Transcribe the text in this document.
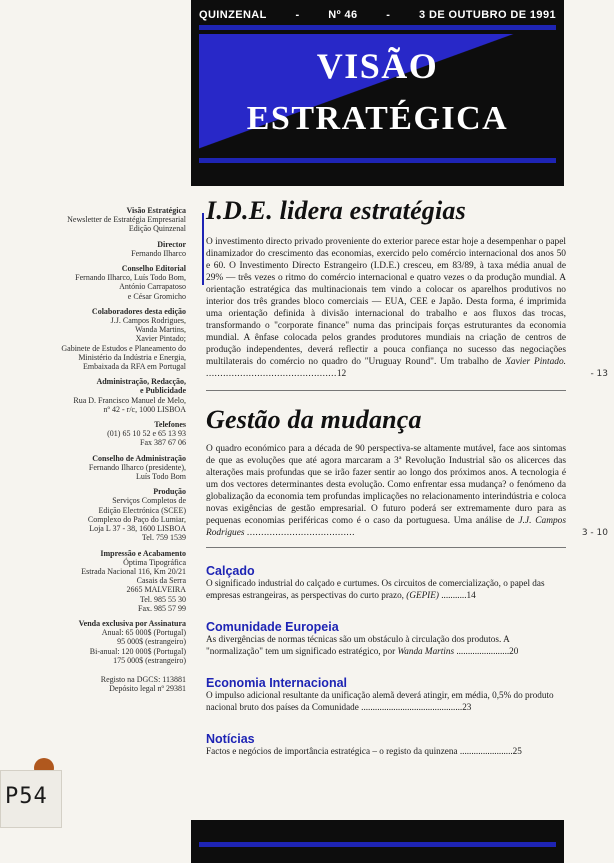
QUINZENAL	-	Nº 46	-	3 DE OUTUBRO DE 1991
VISÃO
ESTRATÉGICA
Visão Estratégica
Newsletter de Estratégia Empresarial
Edição Quinzenal
Director
Fernando Ilharco
Conselho Editorial
Fernando Ilharco, Luís Todo Bom,
António Carrapatoso
e César Gromicho
Colaboradores desta edição
J.J. Campos Rodrigues,
Wanda Martins,
Xavier Pintado;
Gabinete de Estudos e Planeamento do
Ministério da Indústria e Energia,
Embaixada da RFA em Portugal
Administração, Redacção,
e Publicidade
Rua D. Francisco Manuel de Melo,
nº 42 - r/c, 1000 LISBOA
Telefones
(01) 65 10 52 e 65 13 93
Fax 387 67 06
Conselho de Administração
Fernando Ilharco (presidente),
Luís Todo Bom
Produção
Serviços Completos de
Edição Electrónica (SCEE)
Complexo do Paço do Lumiar,
Loja L 37 - 38, 1600 LISBOA
Tel. 759 1539
Impressão e Acabamento
Óptima Tipográfica
Estrada Nacional 116, Km 20/21
Casais da Serra
2665 MALVEIRA
Tel. 985 55 30
Fax. 985 57 99
Venda exclusiva por Assinatura
Anual: 65 000$ (Portugal)
95 000$ (estrangeiro)
Bi-anual: 120 000$ (Portugal)
175 000$ (estrangeiro)
Registo na DGCS: 113881
Depósito legal nº 29381
I.D.E. lidera estratégias

O investimento directo privado proveniente do exterior parece estar hoje a desempenhar o papel dinamizador do crescimento das economias, exercido pelo comércio internacional dos anos 50 e 60. O Investimento Directo Estrangeiro (I.D.E.) cresceu, em 83/89, à taxa média anual de 29% — três vezes o ritmo do comércio internacional e quatro vezes o da produção mundial. A orientação estratégica das multinacionais tem vindo a colocar os aparelhos produtivos no interior dos três grandes bloco comerciais — EUA, CEE e Japão. Desta forma, é imprimida uma orientação definida à divisão internacional do trabalho e aos fluxos das trocas, transformando o "corporate finance" numa das principais forças estruturantes da economia mundial. A ênfase colocada pelos grandes produtores mundiais na criação de centros de produção independentes, deverá reflectir a pouca confiança no sucesso das negociações multilaterais do comércio no quadro do "Uruguay Round". Um trabalho de Xavier Pintado. ..............................................12	- 13

Gestão da mudança

O quadro económico para a década de 90 perspectiva-se altamente mutável, face aos sintomas de que as evoluções que até agora marcaram a 3ª Revolução Industrial são os alicerces das alterações mais profundas que se irão fazer sentir ao longo dos próximos anos. A tecnologia é um dos vectores determinantes desta evolução. Como enfrentar essa mudança? o fenómeno da globalização da economia tem profundas implicações no relacionamento interindústria e coloca novas exigências de gestão empresarial. O futuro poderá ser extremamente duro para as pequenas economias periféricas como é o caso da portuguesa. Uma análise de J.J. Campos Rodrigues ......................................	3 - 10

Calçado

O significado industrial do calçado e curtumes. Os circuitos de comercialização, o papel das empresas estrangeiras, as perspectivas do curto prazo, (GEPIE) ...........14

Comunidade Europeia

As divergências de normas técnicas são um obstáculo à circulação dos produtos. A "normalização" tem um significado estratégico, por Wanda Martins .......................20

Economia Internacional

O impulso adicional resultante da unificação alemã deverá atingir, em média, 0,5% do produto nacional bruto dos países da Comunidade ............................................23

Notícias

Factos e negócios de importância estratégica – o registo da quinzena .......................25

P54
